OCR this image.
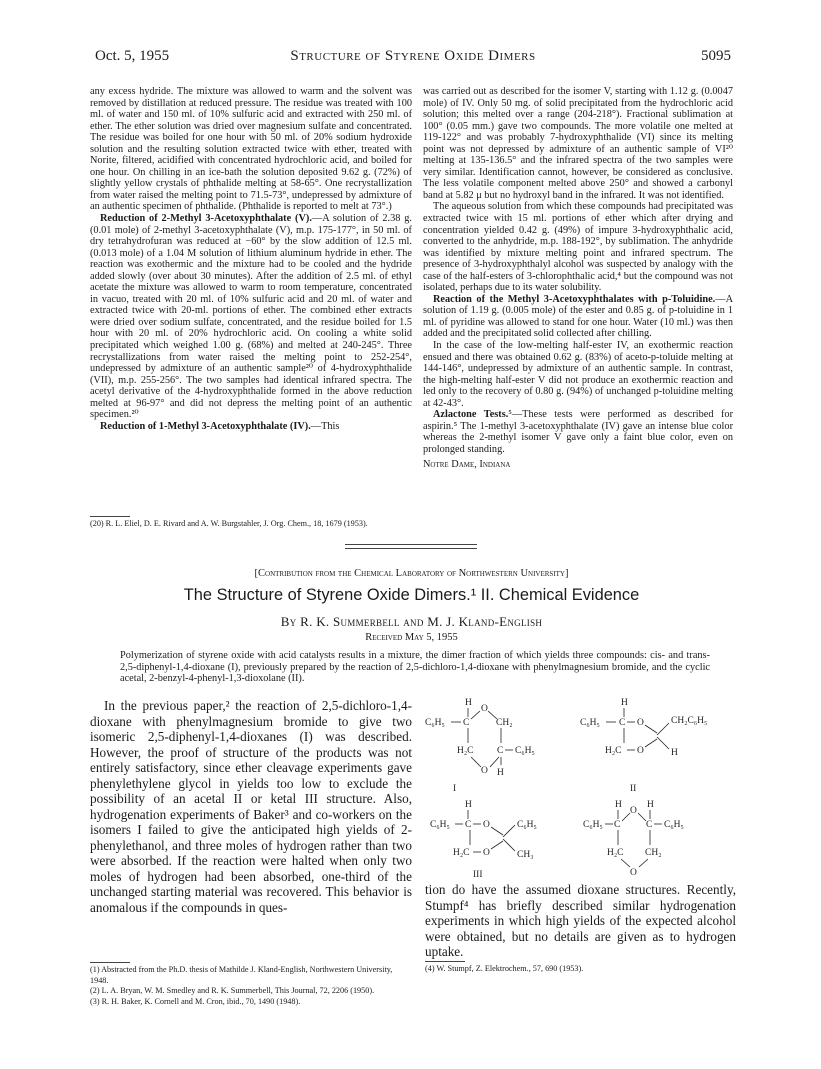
Oct. 5, 1955	Structure of Styrene Oxide Dimers	5095

any excess hydride. The mixture was allowed to warm and the solvent was removed by distillation at reduced pressure. The residue was treated with 100 ml. of water and 150 ml. of 10% sulfuric acid and extracted with 250 ml. of ether. The ether solution was dried over magnesium sulfate and concentrated. The residue was boiled for one hour with 50 ml. of 20% sodium hydroxide solution and the resulting solution extracted twice with ether, treated with Norite, filtered, acidified with concentrated hydrochloric acid, and boiled for one hour. On chilling in an ice-bath the solution deposited 9.62 g. (72%) of slightly yellow crystals of phthalide melting at 58-65°. One recrystallization from water raised the melting point to 71.5-73°, undepressed by admixture of an authentic specimen of phthalide. (Phthalide is reported to melt at 73°.)

Reduction of 2-Methyl 3-Acetoxyphthalate (V).—A solution of 2.38 g. (0.01 mole) of 2-methyl 3-acetoxyphthalate (V), m.p. 175-177°, in 50 ml. of dry tetrahydrofuran was reduced at −60° by the slow addition of 12.5 ml. (0.013 mole) of a 1.04 M solution of lithium aluminum hydride in ether. The reaction was exothermic and the mixture had to be cooled and the hydride added slowly (over about 30 minutes). After the addition of 2.5 ml. of ethyl acetate the mixture was allowed to warm to room temperature, concentrated in vacuo, treated with 20 ml. of 10% sulfuric acid and 20 ml. of water and extracted twice with 20-ml. portions of ether. The combined ether extracts were dried over sodium sulfate, concentrated, and the residue boiled for 1.5 hour with 20 ml. of 20% hydrochloric acid. On cooling a white solid precipitated which weighed 1.00 g. (68%) and melted at 240-245°. Three recrystallizations from water raised the melting point to 252-254°, undepressed by admixture of an authentic sample²⁰ of 4-hydroxyphthalide (VII), m.p. 255-256°. The two samples had identical infrared spectra. The acetyl derivative of the 4-hydroxyphthalide formed in the above reduction melted at 96-97° and did not depress the melting point of an authentic specimen.²⁰

Reduction of 1-Methyl 3-Acetoxyphthalate (IV).—This

(20) R. L. Eliel, D. E. Rivard and A. W. Burgstahler, J. Org. Chem., 18, 1679 (1953).

was carried out as described for the isomer V, starting with 1.12 g. (0.0047 mole) of IV. Only 50 mg. of solid precipitated from the hydrochloric acid solution; this melted over a range (204-218°). Fractional sublimation at 100° (0.05 mm.) gave two compounds. The more volatile one melted at 119-122° and was probably 7-hydroxyphthalide (VI) since its melting point was not depressed by admixture of an authentic sample of VI²⁰ melting at 135-136.5° and the infrared spectra of the two samples were very similar. Identification cannot, however, be considered as conclusive. The less volatile component melted above 250° and showed a carbonyl band at 5.82 μ but no hydroxyl band in the infrared. It was not identified.

The aqueous solution from which these compounds had precipitated was extracted twice with 15 ml. portions of ether which after drying and concentration yielded 0.42 g. (49%) of impure 3-hydroxyphthalic acid, converted to the anhydride, m.p. 188-192°, by sublimation. The anhydride was identified by mixture melting point and infrared spectrum. The presence of 3-hydroxyphthalyl alcohol was suspected by analogy with the case of the half-esters of 3-chlorophthalic acid,⁴ but the compound was not isolated, perhaps due to its water solubility.

Reaction of the Methyl 3-Acetoxyphthalates with p-Toluidine.—A solution of 1.19 g. (0.005 mole) of the ester and 0.85 g. of p-toluidine in 1 ml. of pyridine was allowed to stand for one hour. Water (10 ml.) was then added and the precipitated solid collected after chilling.

In the case of the low-melting half-ester IV, an exothermic reaction ensued and there was obtained 0.62 g. (83%) of aceto-p-toluide melting at 144-146°, undepressed by admixture of an authentic sample. In contrast, the high-melting half-ester V did not produce an exothermic reaction and led only to the recovery of 0.80 g. (94%) of unchanged p-toluidine melting at 42-43°.

Azlactone Tests.⁵—These tests were performed as described for aspirin.⁵ The 1-methyl 3-acetoxyphthalate (IV) gave an intense blue color whereas the 2-methyl isomer V gave only a faint blue color, even on prolonged standing.

Notre Dame, Indiana

[Contribution from the Chemical Laboratory of Northwestern University]
The Structure of Styrene Oxide Dimers.¹ II. Chemical Evidence
By R. K. Summerbell and M. J. Kland-English
Received May 5, 1955
Polymerization of styrene oxide with acid catalysts results in a mixture, the dimer fraction of which yields three compounds: cis- and trans-2,5-diphenyl-1,4-dioxane (I), previously prepared by the reaction of 2,5-dichloro-1,4-dioxane with phenylmagnesium bromide, and the cyclic acetal, 2-benzyl-4-phenyl-1,3-dioxolane (II).

In the previous paper,² the reaction of 2,5-dichloro-1,4-dioxane with phenylmagnesium bromide to give two isomeric 2,5-diphenyl-1,4-dioxanes (I) was described. However, the proof of structure of the products was not entirely satisfactory, since ether cleavage experiments gave phenylethylene glycol in yields too low to exclude the possibility of an acetal II or ketal III structure. Also, hydrogenation experiments of Baker³ and co-workers on the isomers I failed to give the anticipated high yields of 2-phenylethanol, and three moles of hydrogen rather than two were absorbed. If the reaction were halted when only two moles of hydrogen had been absorbed, one-third of the unchanged starting material was recovered. This behavior is anomalous if the compounds in ques-

H
O
C₆H₅ C	CH₂
H₂C C C₆H₅
O H
I
H
C₆H₅ C O
H₂C O
CH₂C₆H₅
H
II
H
C₆H₅ C O
H₂C O
C₆H₅
CH₃
III
H	H
O
C₆H₅ C	C C₆H₅
H₂C CH₂
O

tion do have the assumed dioxane structures. Recently, Stumpf⁴ has briefly described similar hydrogenation experiments in which high yields of the expected alcohol were obtained, but no details are given as to hydrogen uptake.

(1) Abstracted from the Ph.D. thesis of Mathilde J. Kland-English, Northwestern University, 1948.
(2) L. A. Bryan, W. M. Smedley and R. K. Summerbell, This Journal, 72, 2206 (1950).
(3) R. H. Baker, K. Cornell and M. Cron, ibid., 70, 1490 (1948).
(4) W. Stumpf, Z. Elektrochem., 57, 690 (1953).
